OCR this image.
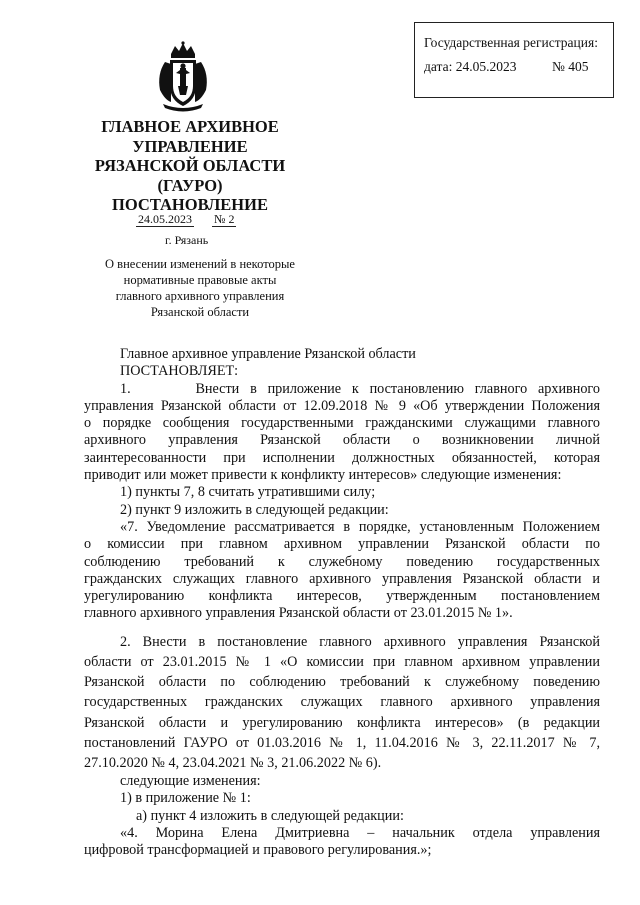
Государственная регистрация:
дата: 24.05.2023	№ 405
ГЛАВНОЕ АРХИВНОЕ
УПРАВЛЕНИЕ
РЯЗАНСКОЙ ОБЛАСТИ
(ГАУРО)
ПОСТАНОВЛЕНИЕ
24.05.2023 № 2
г. Рязань
О внесении изменений в некоторые
нормативные правовые акты
главного архивного управления
Рязанской области
Главное архивное управление Рязанской области
ПОСТАНОВЛЯЕТ:
1.      Внести в приложение к постановлению главного архивного
управления Рязанской области от 12.09.2018 № 9 «Об утверждении Положения
о порядке сообщения государственными гражданскими служащими главного
архивного управления Рязанской области о возникновении личной
заинтересованности при исполнении должностных обязанностей, которая
приводит или может привести к конфликту интересов» следующие изменения:
1) пункты 7, 8 считать утратившими силу;
2) пункт 9 изложить в следующей редакции:
«7. Уведомление рассматривается в порядке, установленным Положением
о комиссии при главном архивном управлении Рязанской области по
соблюдению требований к служебному поведению государственных
гражданских служащих главного архивного управления Рязанской области и
урегулированию конфликта интересов, утвержденным постановлением
главного архивного управления Рязанской области от 23.01.2015 № 1».
2. Внести в постановление главного архивного управления Рязанской
области от 23.01.2015 № 1 «О комиссии при главном архивном управлении
Рязанской области по соблюдению требований к служебному поведению
государственных гражданских служащих главного архивного управления
Рязанской области и урегулированию конфликта интересов» (в редакции
постановлений ГАУРО от 01.03.2016 № 1, 11.04.2016 № 3, 22.11.2017 № 7,
27.10.2020 № 4, 23.04.2021 № 3, 21.06.2022 № 6).
следующие изменения:
1) в приложение № 1:
а) пункт 4 изложить в следующей редакции:
«4. Морина Елена Дмитриевна – начальник отдела управления
цифровой трансформацией и правового регулирования.»;
